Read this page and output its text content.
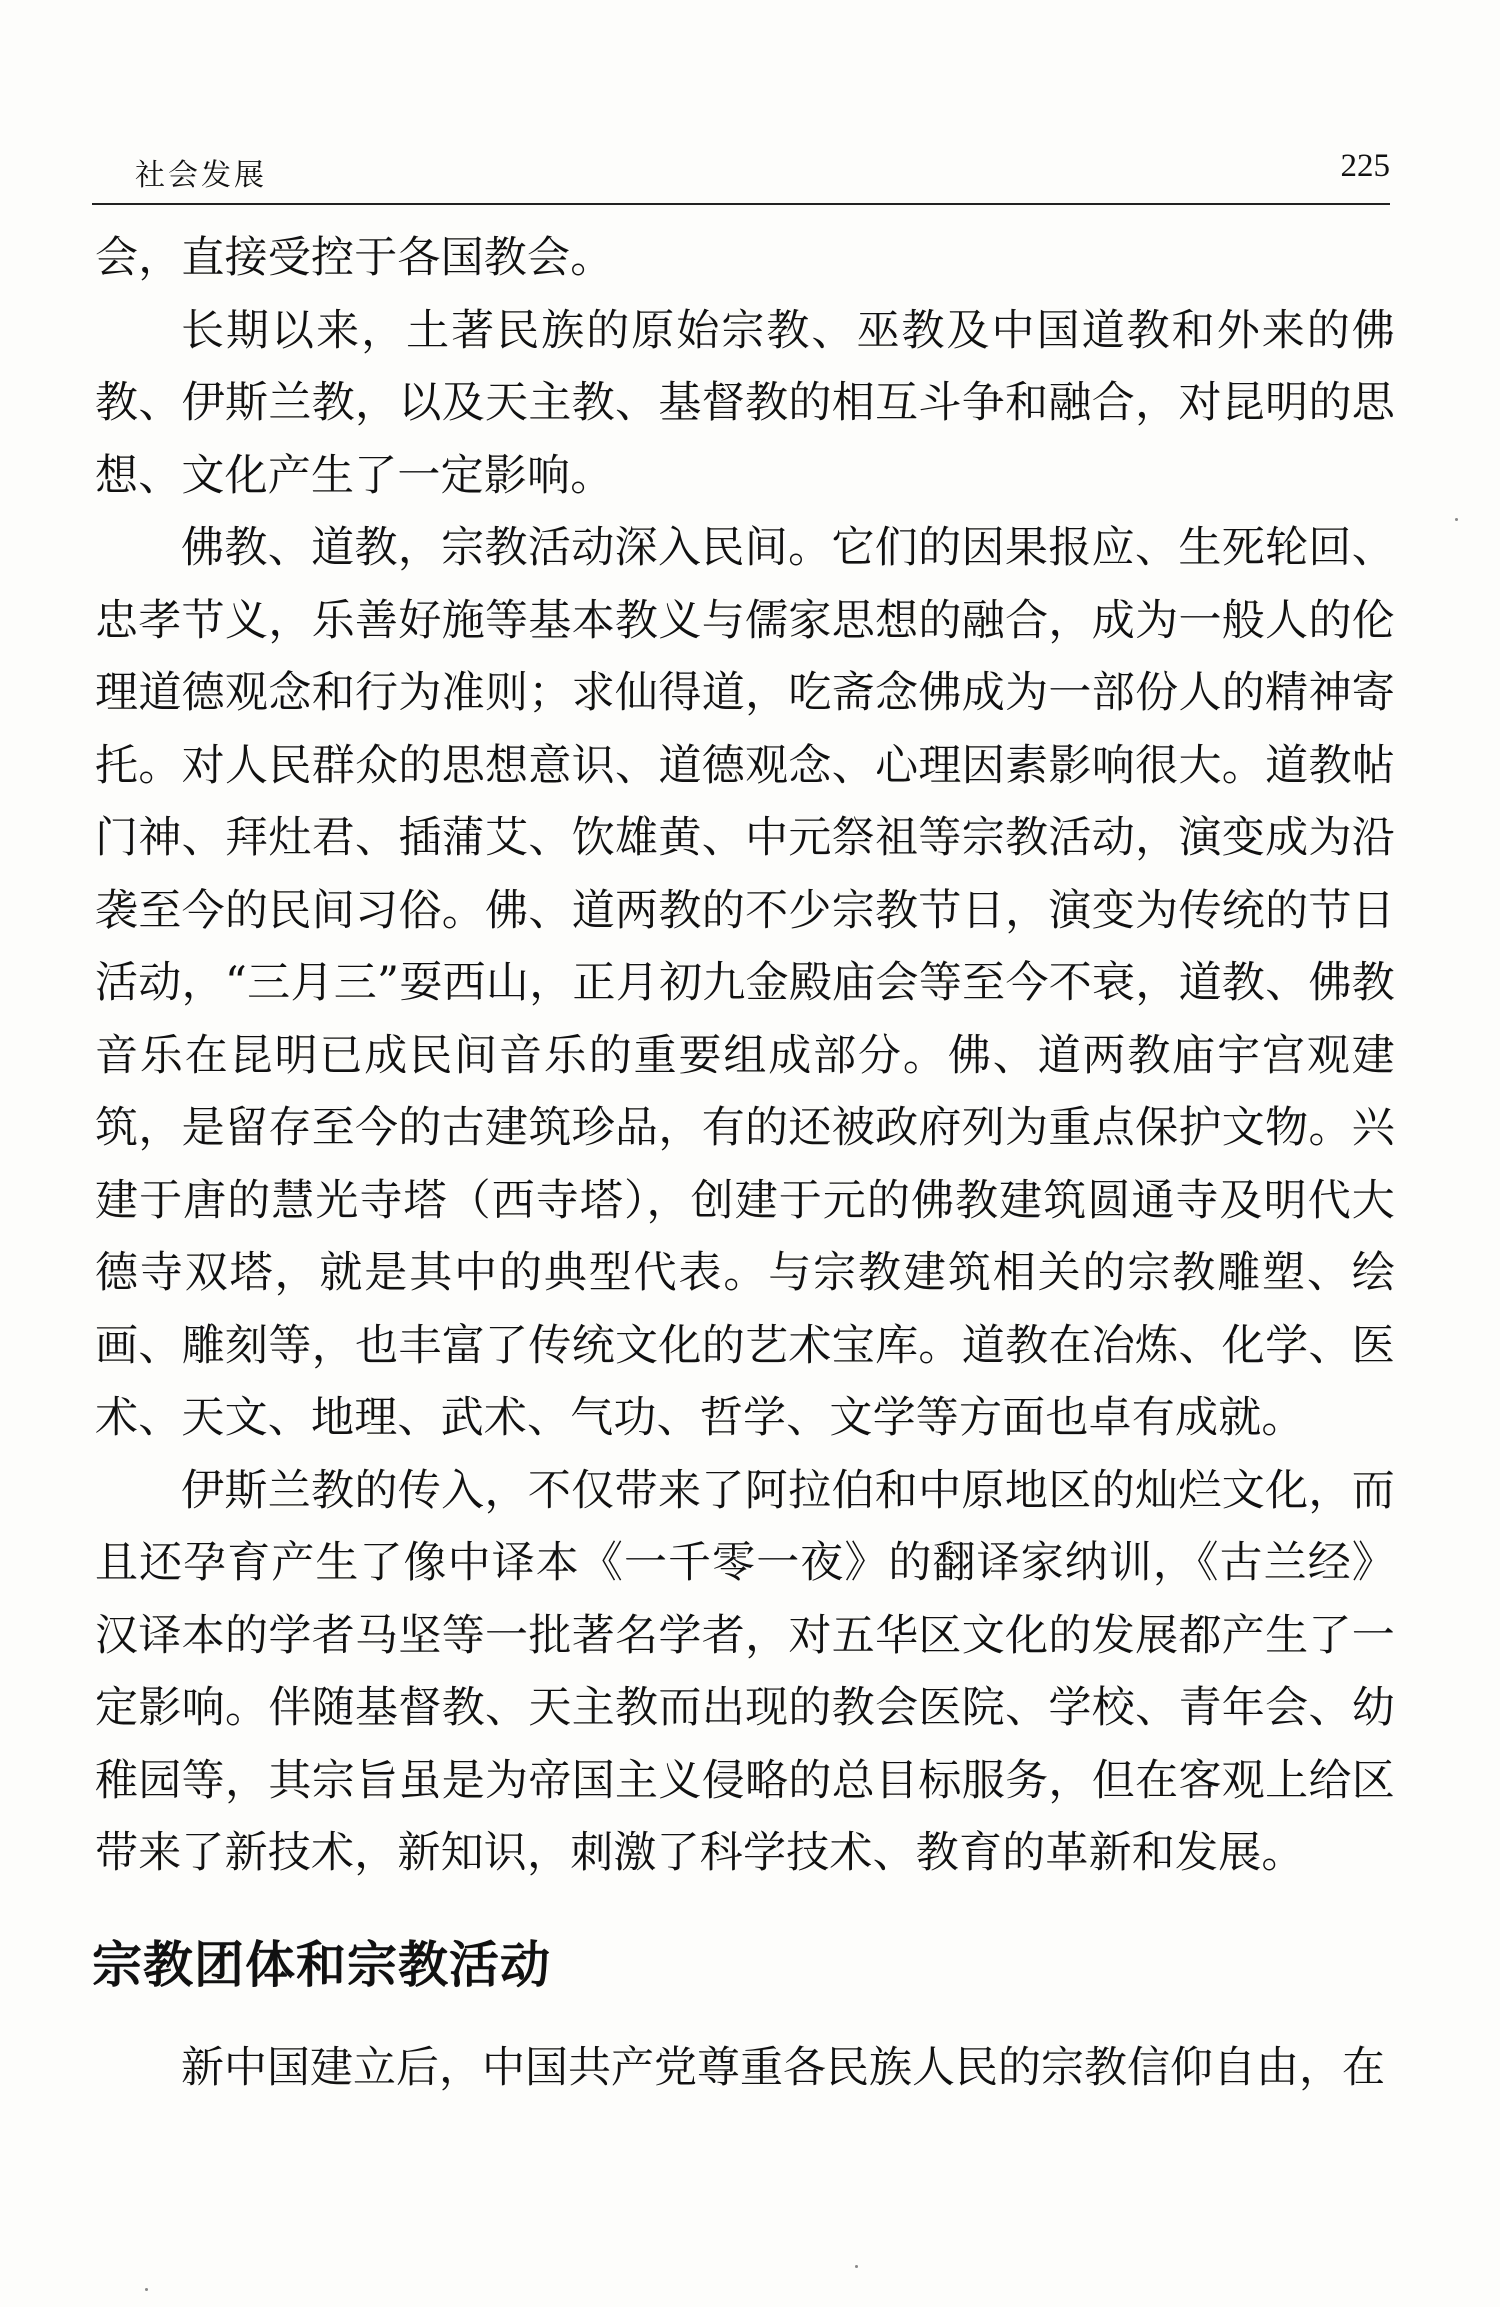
社会发展	225

会，直接受控于各国教会。

长期以来，土著民族的原始宗教、巫教及中国道教和外来的佛教、伊斯兰教，以及天主教、基督教的相互斗争和融合，对昆明的思想、文化产生了一定影响。

佛教、道教，宗教活动深入民间。它们的因果报应、生死轮回、忠孝节义，乐善好施等基本教义与儒家思想的融合，成为一般人的伦理道德观念和行为准则；求仙得道，吃斋念佛成为一部份人的精神寄托。对人民群众的思想意识、道德观念、心理因素影响很大。道教帖门神、拜灶君、插蒲艾、饮雄黄、中元祭祖等宗教活动，演变成为沿袭至今的民间习俗。佛、道两教的不少宗教节日，演变为传统的节日活动，“三月三”耍西山，正月初九金殿庙会等至今不衰，道教、佛教音乐在昆明已成民间音乐的重要组成部分。佛、道两教庙宇宫观建筑，是留存至今的古建筑珍品，有的还被政府列为重点保护文物。兴建于唐的慧光寺塔（西寺塔），创建于元的佛教建筑圆通寺及明代大德寺双塔，就是其中的典型代表。与宗教建筑相关的宗教雕塑、绘画、雕刻等，也丰富了传统文化的艺术宝库。道教在冶炼、化学、医术、天文、地理、武术、气功、哲学、文学等方面也卓有成就。

伊斯兰教的传入，不仅带来了阿拉伯和中原地区的灿烂文化，而且还孕育产生了像中译本《一千零一夜》的翻译家纳训，《古兰经》汉译本的学者马坚等一批著名学者，对五华区文化的发展都产生了一定影响。伴随基督教、天主教而出现的教会医院、学校、青年会、幼稚园等，其宗旨虽是为帝国主义侵略的总目标服务，但在客观上给区带来了新技术，新知识，刺激了科学技术、教育的革新和发展。

宗教团体和宗教活动

新中国建立后，中国共产党尊重各民族人民的宗教信仰自由，在
